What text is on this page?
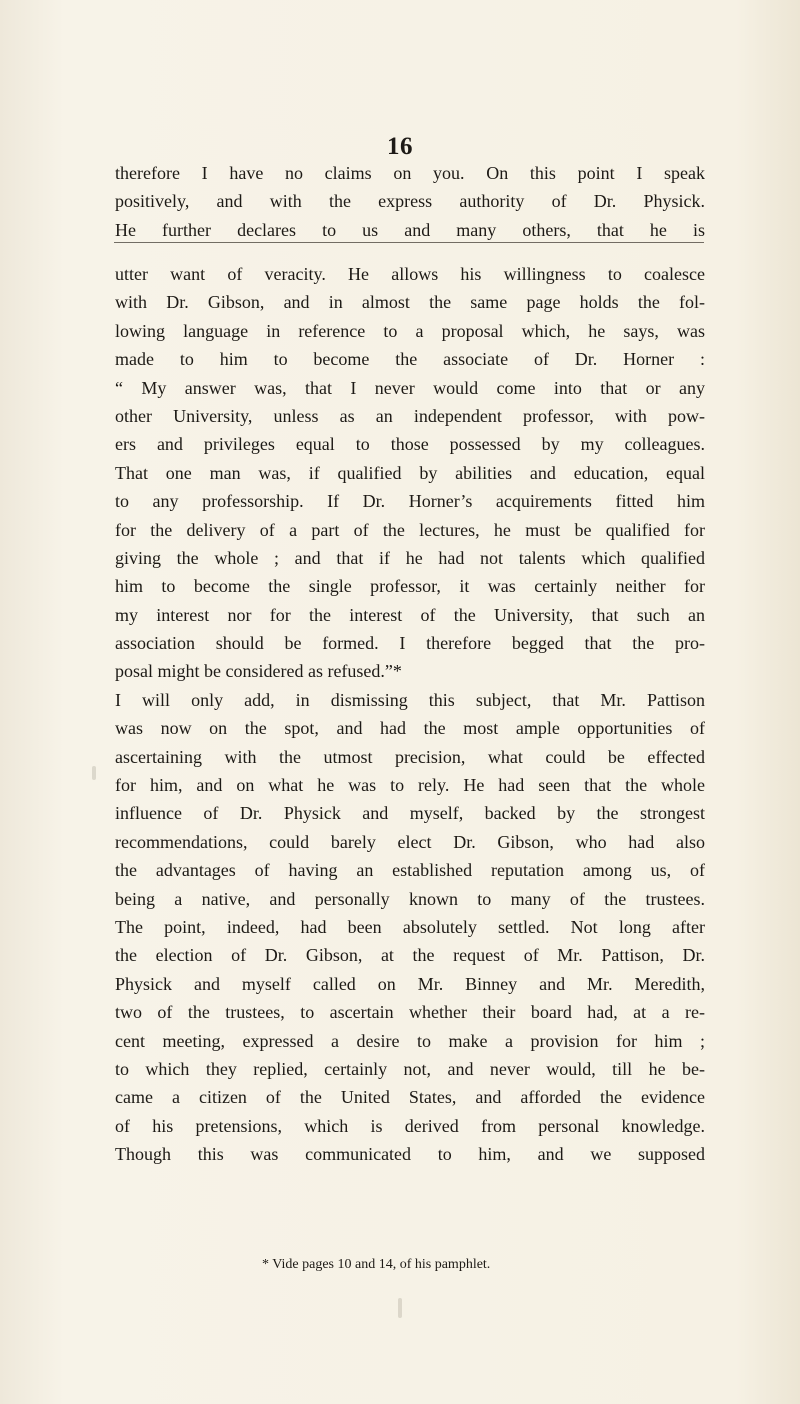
16
therefore I have no claims on you. On this point I speak
positively, and with the express authority of Dr. Physick.
He further declares to us and many others, that he is
utter want of veracity. He allows his willingness to coalesce
with Dr. Gibson, and in almost the same page holds the fol-
lowing language in reference to a proposal which, he says, was
made to him to become the associate of Dr. Horner :
“ My answer was, that I never would come into that or any
other University, unless as an independent professor, with pow-
ers and privileges equal to those possessed by my colleagues.
That one man was, if qualified by abilities and education, equal
to any professorship. If Dr. Horner’s acquirements fitted him
for the delivery of a part of the lectures, he must be qualified for
giving the whole ; and that if he had not talents which qualified
him to become the single professor, it was certainly neither for
my interest nor for the interest of the University, that such an
association should be formed. I therefore begged that the pro-
posal might be considered as refused.”*
I will only add, in dismissing this subject, that Mr. Pattison
was now on the spot, and had the most ample opportunities of
ascertaining with the utmost precision, what could be effected
for him, and on what he was to rely. He had seen that the whole
influence of Dr. Physick and myself, backed by the strongest
recommendations, could barely elect Dr. Gibson, who had also
the advantages of having an established reputation among us, of
being a native, and personally known to many of the trustees.
The point, indeed, had been absolutely settled. Not long after
the election of Dr. Gibson, at the request of Mr. Pattison, Dr.
Physick and myself called on Mr. Binney and Mr. Meredith,
two of the trustees, to ascertain whether their board had, at a re-
cent meeting, expressed a desire to make a provision for him ;
to which they replied, certainly not, and never would, till he be-
came a citizen of the United States, and afforded the evidence
of his pretensions, which is derived from personal knowledge.
Though this was communicated to him, and we supposed
* Vide pages 10 and 14, of his pamphlet.
